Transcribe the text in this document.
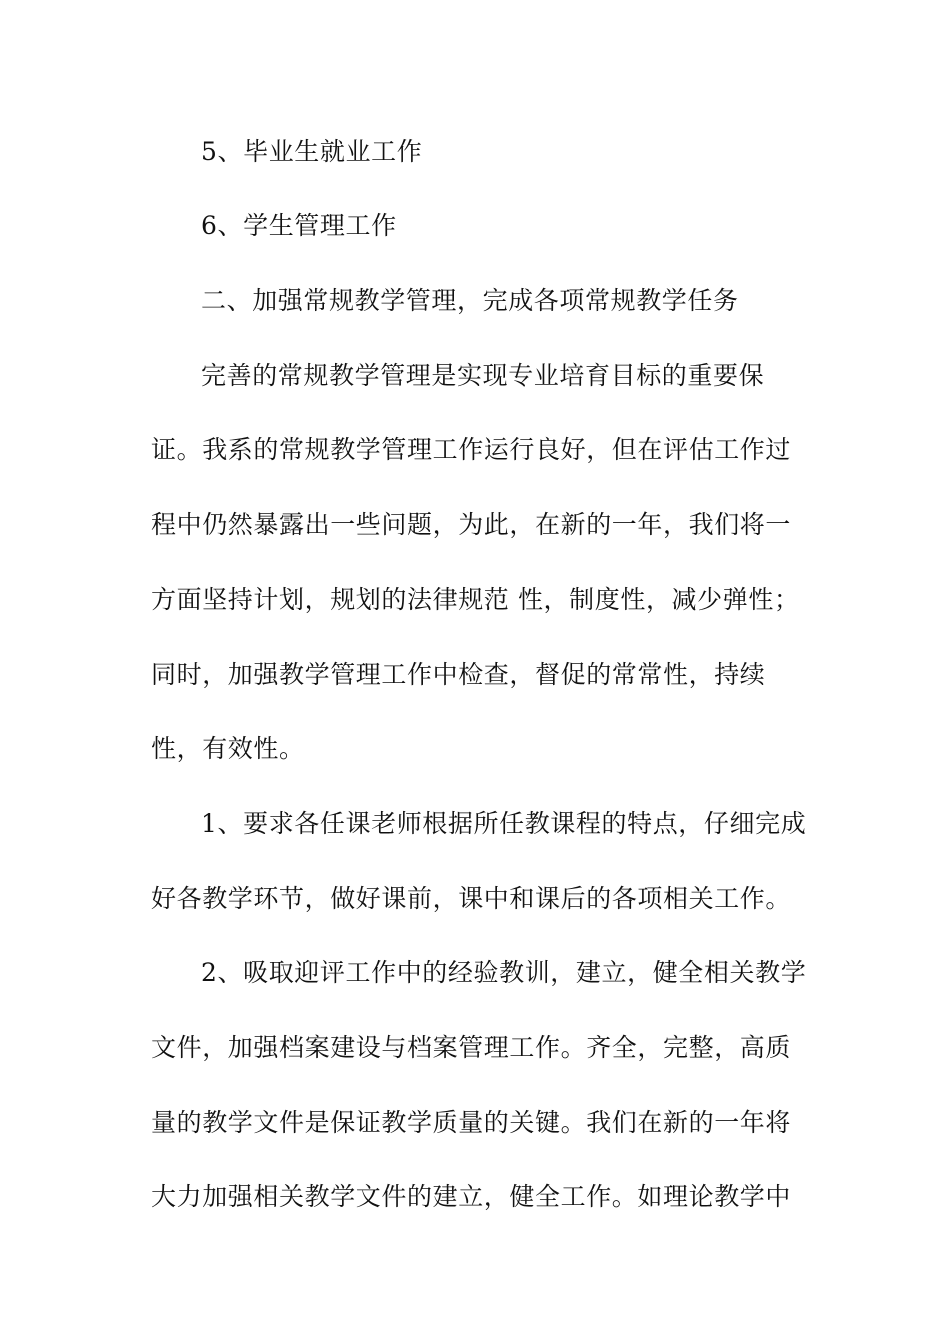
5、毕业生就业工作

6、学生管理工作

二、加强常规教学管理，完成各项常规教学任务

完善的常规教学管理是实现专业培育目标的重要保

证。我系的常规教学管理工作运行良好，但在评估工作过

程中仍然暴露出一些问题，为此，在新的一年，我们将一

方面坚持计划，规划的法律规范 性，制度性，减少弹性；

同时，加强教学管理工作中检查，督促的常常性，持续

性，有效性。

1、要求各任课老师根据所任教课程的特点，仔细完成

好各教学环节，做好课前，课中和课后的各项相关工作。

2、吸取迎评工作中的经验教训，建立，健全相关教学

文件，加强档案建设与档案管理工作。齐全，完整，高质

量的教学文件是保证教学质量的关键。我们在新的一年将

大力加强相关教学文件的建立，健全工作。如理论教学中
